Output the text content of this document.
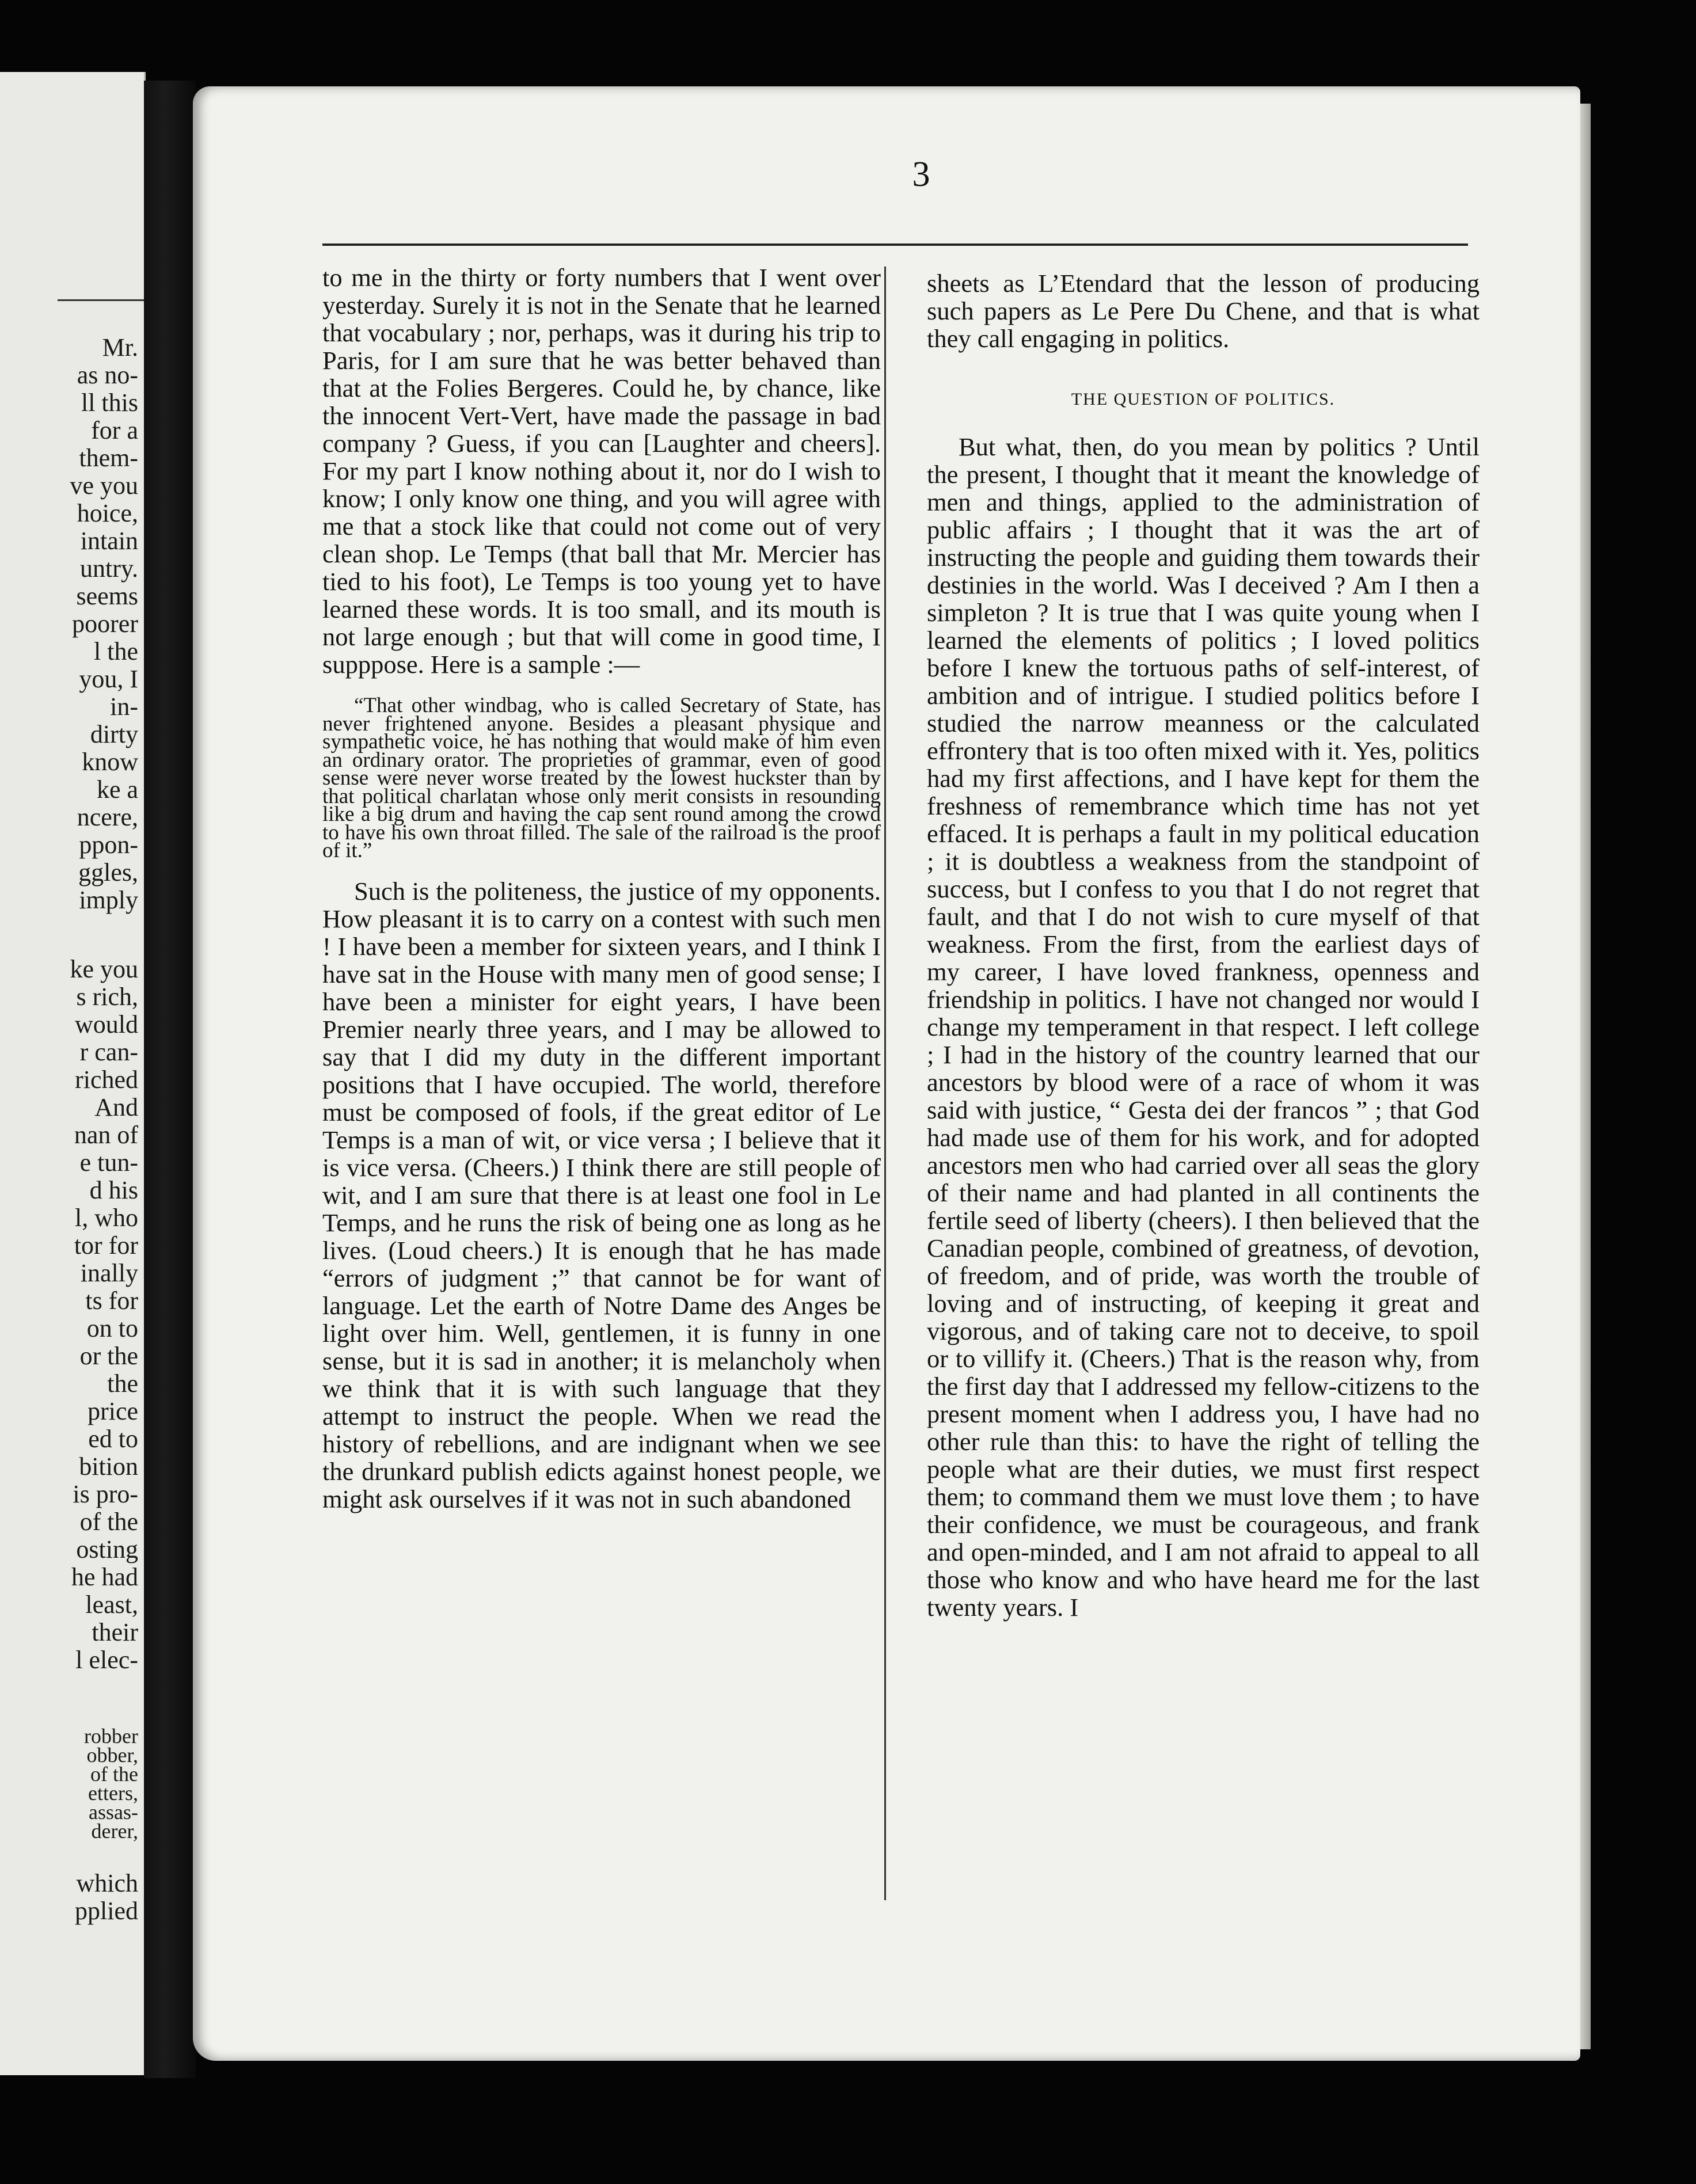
Mr.
as no-
ll this
for a
them-
ve you
hoice,
intain
untry.
seems
poorer
l the
you, I
in-
dirty
know
ke a
ncere,
ppon-
ggles,
imply
ke you
s rich,
would
r can-
riched
And
nan of
e tun-
d his
l, who
tor for
inally
ts for
on to
or the
the
price
ed to
bition
is pro-
of the
osting
he had
least,
their
l elec-
robber
obber,
of the
etters,
assas-
derer,
which
pplied
3

to me in the thirty or forty numbers that I went over yesterday. Surely it is not in the Senate that he learned that vocabulary ; nor, perhaps, was it during his trip to Paris, for I am sure that he was better behaved than that at the Folies Bergeres. Could he, by chance, like the innocent Vert-Vert, have made the passage in bad company ? Guess, if you can [Laughter and cheers]. For my part I know nothing about it, nor do I wish to know; I only know one thing, and you will agree with me that a stock like that could not come out of very clean shop. Le Temps (that ball that Mr. Mercier has tied to his foot), Le Temps is too young yet to have learned these words. It is too small, and its mouth is not large enough ; but that will come in good time, I supppose. Here is a sample :—

“That other windbag, who is called Secretary of State, has never frightened anyone. Besides a pleasant physique and sympathetic voice, he has nothing that would make of him even an ordinary orator. The proprieties of grammar, even of good sense were never worse treated by the lowest huckster than by that political charlatan whose only merit consists in resounding like a big drum and having the cap sent round among the crowd to have his own throat filled. The sale of the railroad is the proof of it.”

Such is the politeness, the justice of my opponents. How pleasant it is to carry on a contest with such men ! I have been a member for sixteen years, and I think I have sat in the House with many men of good sense; I have been a minister for eight years, I have been Premier nearly three years, and I may be allowed to say that I did my duty in the different important positions that I have occupied. The world, therefore must be composed of fools, if the great editor of Le Temps is a man of wit, or vice versa ; I believe that it is vice versa. (Cheers.) I think there are still people of wit, and I am sure that there is at least one fool in Le Temps, and he runs the risk of being one as long as he lives. (Loud cheers.) It is enough that he has made “errors of judgment ;” that cannot be for want of language. Let the earth of Notre Dame des Anges be light over him. Well, gentlemen, it is funny in one sense, but it is sad in another; it is melancholy when we think that it is with such language that they attempt to instruct the people. When we read the history of rebellions, and are indignant when we see the drunkard publish edicts against honest people, we might ask ourselves if it was not in such abandoned

sheets as L’Etendard that the lesson of producing such papers as Le Pere Du Chene, and that is what they call engaging in politics.

THE QUESTION OF POLITICS.

But what, then, do you mean by politics ? Until the present, I thought that it meant the knowledge of men and things, applied to the administration of public affairs ; I thought that it was the art of instructing the people and guiding them towards their destinies in the world. Was I deceived ? Am I then a simpleton ? It is true that I was quite young when I learned the elements of politics ; I loved politics before I knew the tortuous paths of self-interest, of ambition and of intrigue. I studied politics before I studied the narrow meanness or the calculated effrontery that is too often mixed with it. Yes, politics had my first affections, and I have kept for them the freshness of remembrance which time has not yet effaced. It is perhaps a fault in my political education ; it is doubtless a weakness from the standpoint of success, but I confess to you that I do not regret that fault, and that I do not wish to cure myself of that weakness. From the first, from the earliest days of my career, I have loved frankness, openness and friendship in politics. I have not changed nor would I change my temperament in that respect. I left college ; I had in the history of the country learned that our ancestors by blood were of a race of whom it was said with justice, “ Gesta dei der francos ” ; that God had made use of them for his work, and for adopted ancestors men who had carried over all seas the glory of their name and had planted in all continents the fertile seed of liberty (cheers). I then believed that the Canadian people, combined of greatness, of devotion, of freedom, and of pride, was worth the trouble of loving and of instructing, of keeping it great and vigorous, and of taking care not to deceive, to spoil or to villify it. (Cheers.) That is the reason why, from the first day that I addressed my fellow-citizens to the present moment when I address you, I have had no other rule than this: to have the right of telling the people what are their duties, we must first respect them; to command them we must love them ; to have their confidence, we must be courageous, and frank and open-minded, and I am not afraid to appeal to all those who know and who have heard me for the last twenty years. I
